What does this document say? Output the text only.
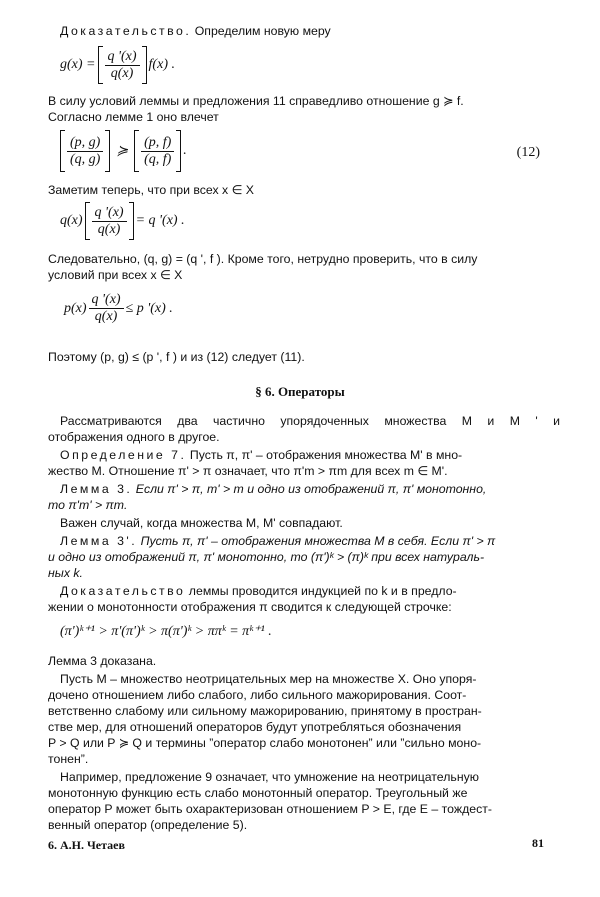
Доказательство. Определим новую меру
$g(x) = \frac{q '(x)}{q(x)} f(x)$ .
В силу условий леммы и предложения 11 справедливо отношение g ≽ f.
Согласно лемме 1 оно влечет
$\frac{(p, g)}{(q, g)}$ ≽ $\frac{(p, f)}{(q, f)}$ .	(12)
Заметим теперь, что при всех x ∈ X
$q(x) \frac{q '(x)}{q(x)} = q$ '(x) .
Следовательно, (q, g) = (q ', f ). Кроме того, нетрудно проверить, что в силу
условий при всех x ∈ X
$p(x) \frac{q '(x)}{q(x)} \le p$ '(x) .
Поэтому (p, g) ≤ (p ', f ) и из (12) следует (11).
§ 6. Операторы
Рассматриваются два частично упорядоченных множества M и M ' и
отображения одного в другое.
Определение 7. Пусть π, π' – отображения множества M' в мно-
жество M. Отношение π' > π означает, что π'm > πm для всех m ∈ M'.
Лемма 3. Если π' > π, m' > m и одно из отображений π, π' монотонно,
то π'm' > πm.
Важен случай, когда множества M, M' совпадают.
Лемма 3'. Пусть π, π' – отображения множества M в себя. Если π' > π
и одно из отображений π, π' монотонно, то (π')ᵏ > (π)ᵏ при всех натураль-
ных k.
Доказательство леммы проводится индукцией по k и в предло-
жении о монотонности отображения π сводится к следующей строчке:
(π')ᵏ⁺¹ > π'(π')ᵏ > π(π')ᵏ > ππᵏ = πᵏ⁺¹ .
Лемма 3 доказана.
Пусть M – множество неотрицательных мер на множестве X. Оно упоря-
дочено отношением либо слабого, либо сильного мажорирования. Соот-
ветственно слабому или сильному мажорированию, принятому в простран-
стве мер, для отношений операторов будут употребляться обозначения
P > Q или P ≽ Q и термины ”оператор слабо монотонен” или ”сильно моно-
тонен”.
Например, предложение 9 означает, что умножение на неотрицательную
монотонную функцию есть слабо монотонный оператор. Треугольный же
оператор P может быть охарактеризован отношением P > E, где E – тождест-
венный оператор (определение 5).
6. А.Н. Четаев	81
